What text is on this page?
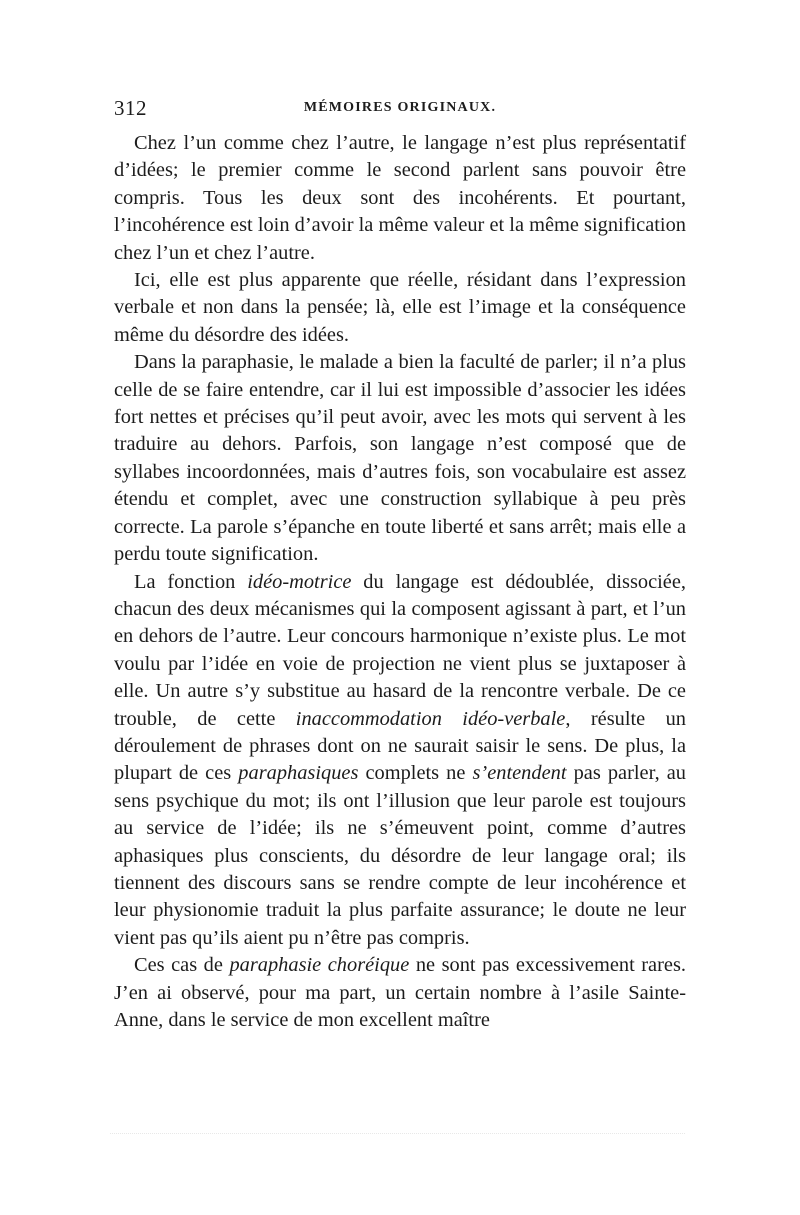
312	MÉMOIRES ORIGINAUX.

Chez l’un comme chez l’autre, le langage n’est plus représentatif d’idées; le premier comme le second parlent sans pouvoir être compris. Tous les deux sont des incohérents. Et pourtant, l’incohérence est loin d’avoir la même valeur et la même signification chez l’un et chez l’autre.

Ici, elle est plus apparente que réelle, résidant dans l’expression verbale et non dans la pensée; là, elle est l’image et la conséquence même du désordre des idées.

Dans la paraphasie, le malade a bien la faculté de parler; il n’a plus celle de se faire entendre, car il lui est impossible d’associer les idées fort nettes et précises qu’il peut avoir, avec les mots qui servent à les traduire au dehors. Parfois, son langage n’est composé que de syllabes incoordonnées, mais d’autres fois, son vocabulaire est assez étendu et complet, avec une construction syllabique à peu près correcte. La parole s’épanche en toute liberté et sans arrêt; mais elle a perdu toute signification.

La fonction idéo-motrice du langage est dédoublée, dissociée, chacun des deux mécanismes qui la composent agissant à part, et l’un en dehors de l’autre. Leur concours harmonique n’existe plus. Le mot voulu par l’idée en voie de projection ne vient plus se juxtaposer à elle. Un autre s’y substitue au hasard de la rencontre verbale. De ce trouble, de cette inaccommodation idéo-verbale, résulte un déroulement de phrases dont on ne saurait saisir le sens. De plus, la plupart de ces paraphasiques complets ne s’entendent pas parler, au sens psychique du mot; ils ont l’illusion que leur parole est toujours au service de l’idée; ils ne s’émeuvent point, comme d’autres aphasiques plus conscients, du désordre de leur langage oral; ils tiennent des discours sans se rendre compte de leur incohérence et leur physionomie traduit la plus parfaite assurance; le doute ne leur vient pas qu’ils aient pu n’être pas compris.

Ces cas de paraphasie choréique ne sont pas excessivement rares. J’en ai observé, pour ma part, un certain nombre à l’asile Sainte-Anne, dans le service de mon excellent maître
